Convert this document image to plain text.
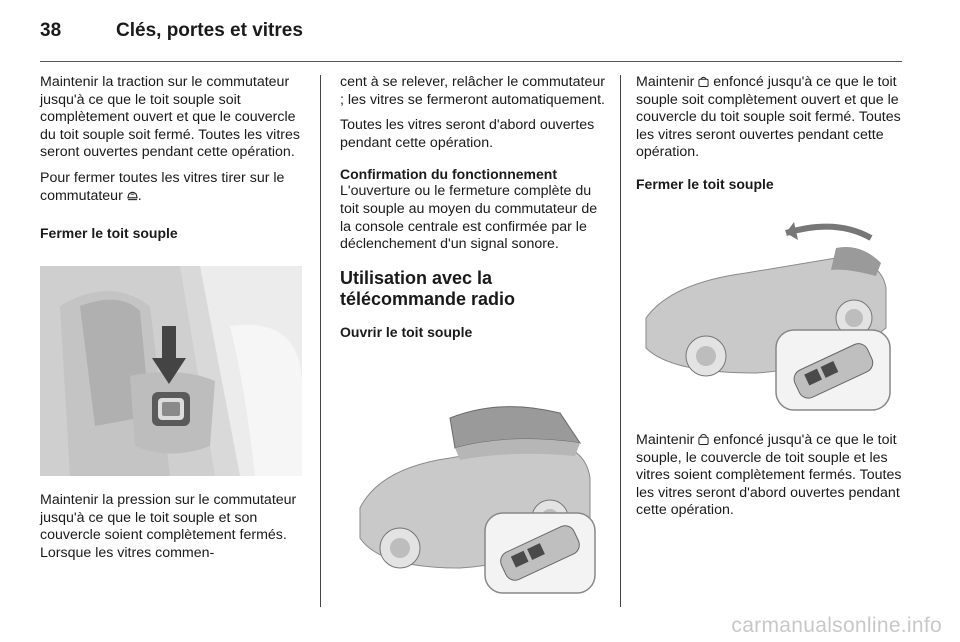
38	Clés, portes et vitres

Maintenir la traction sur le commutateur jusqu'à ce que le toit souple soit complètement ouvert et que le couvercle du toit souple soit fermé. Toutes les vitres seront ouvertes pendant cette opération.

Pour fermer toutes les vitres tirer sur le commutateur .

Fermer le toit souple

Maintenir la pression sur le commutateur jusqu'à ce que le toit souple et son couvercle soient complètement fermés. Lorsque les vitres commen-

cent à se relever, relâcher le commutateur ; les vitres se fermeront automatiquement.

Toutes les vitres seront d'abord ouvertes pendant cette opération.

Confirmation du fonctionnement

L'ouverture ou le fermeture complète du toit souple au moyen du commutateur de la console centrale est confirmée par le déclenchement d'un signal sonore.

Utilisation avec la

télécommande radio

Ouvrir le toit souple

Maintenir enfoncé jusqu'à ce que le toit souple soit complètement ouvert et que le couvercle du toit souple soit fermé. Toutes les vitres seront ouvertes pendant cette opération.

Fermer le toit souple

Maintenir enfoncé jusqu'à ce que le toit souple, le couvercle de toit souple et les vitres soient complètement fermés. Toutes les vitres seront d'abord ouvertes pendant cette opération.

carmanualsonline.info
